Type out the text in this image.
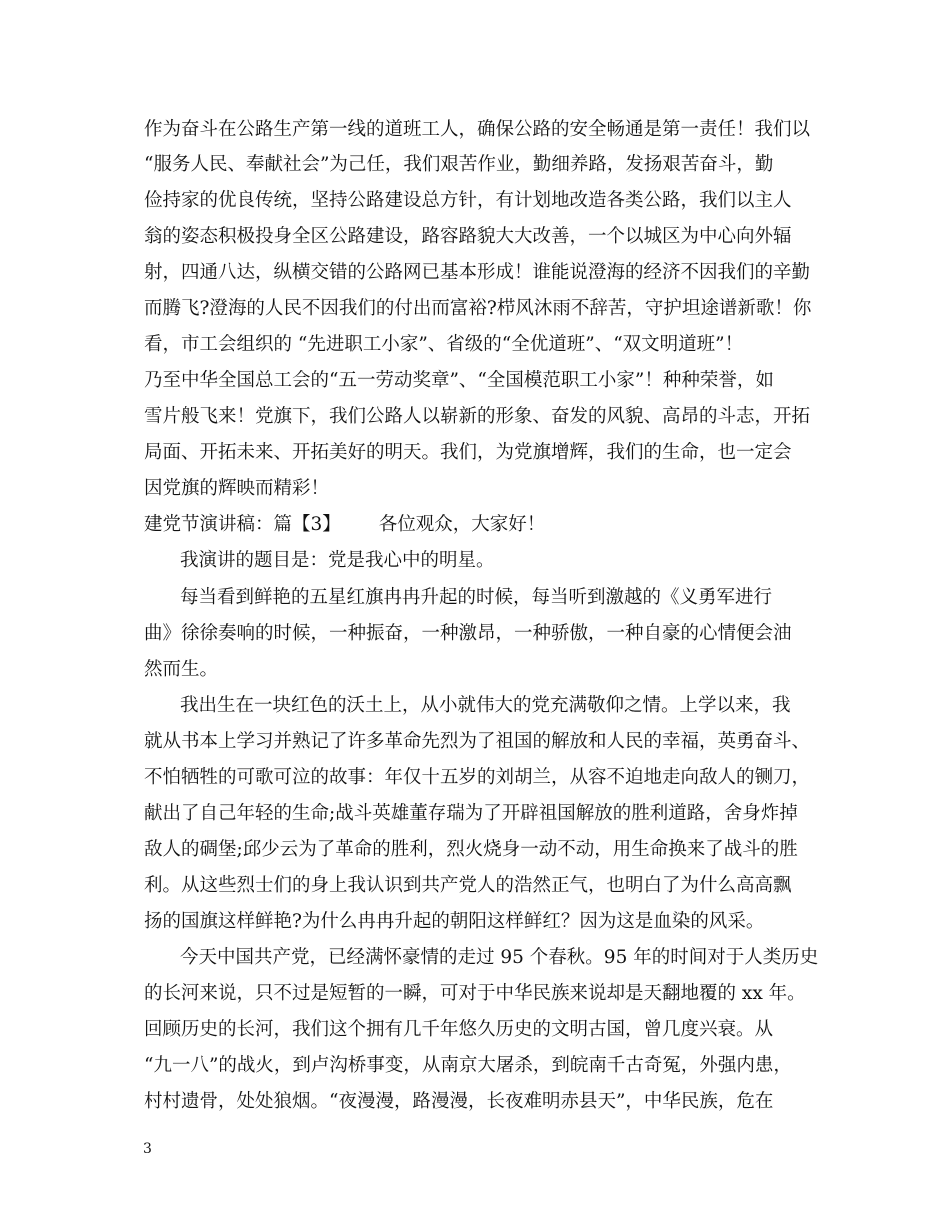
作为奋斗在公路生产第一线的道班工人，确保公路的安全畅通是第一责任！我们以
“服务人民、奉献社会”为己任，我们艰苦作业，勤细养路，发扬艰苦奋斗，勤
俭持家的优良传统，坚持公路建设总方针，有计划地改造各类公路，我们以主人
翁的姿态积极投身全区公路建设，路容路貌大大改善，一个以城区为中心向外辐
射，四通八达，纵横交错的公路网已基本形成！谁能说澄海的经济不因我们的辛勤
而腾飞?澄海的人民不因我们的付出而富裕?栉风沐雨不辞苦，守护坦途谱新歌！你
看，市工会组织的 “先进职工小家”、省级的“全优道班”、“双文明道班”！
乃至中华全国总工会的“五一劳动奖章”、“全国模范职工小家”！种种荣誉，如
雪片般飞来！党旗下，我们公路人以崭新的形象、奋发的风貌、高昂的斗志，开拓
局面、开拓未来、开拓美好的明天。我们，为党旗增辉，我们的生命，也一定会
因党旗的辉映而精彩！
建党节演讲稿：篇【3】 各位观众，大家好！
我演讲的题目是：党是我心中的明星。
每当看到鲜艳的五星红旗冉冉升起的时候，每当听到激越的《义勇军进行
曲》徐徐奏响的时候，一种振奋，一种激昂，一种骄傲，一种自豪的心情便会油
然而生。
我出生在一块红色的沃土上，从小就伟大的党充满敬仰之情。上学以来，我
就从书本上学习并熟记了许多革命先烈为了祖国的解放和人民的幸福，英勇奋斗、
不怕牺牲的可歌可泣的故事：年仅十五岁的刘胡兰，从容不迫地走向敌人的铡刀，
献出了自己年轻的生命;战斗英雄董存瑞为了开辟祖国解放的胜利道路，舍身炸掉
敌人的碉堡;邱少云为了革命的胜利，烈火烧身一动不动，用生命换来了战斗的胜
利。从这些烈士们的身上我认识到共产党人的浩然正气，也明白了为什么高高飘
扬的国旗这样鲜艳?为什么冉冉升起的朝阳这样鲜红？因为这是血染的风采。
今天中国共产党，已经满怀豪情的走过 95 个春秋。95 年的时间对于人类历史
的长河来说，只不过是短暂的一瞬，可对于中华民族来说却是天翻地覆的 xx 年。
回顾历史的长河，我们这个拥有几千年悠久历史的文明古国，曾几度兴衰。从
“九一八”的战火，到卢沟桥事变，从南京大屠杀，到皖南千古奇冤，外强内患，
村村遗骨，处处狼烟。“夜漫漫，路漫漫，长夜难明赤县天”，中华民族，危在
3
